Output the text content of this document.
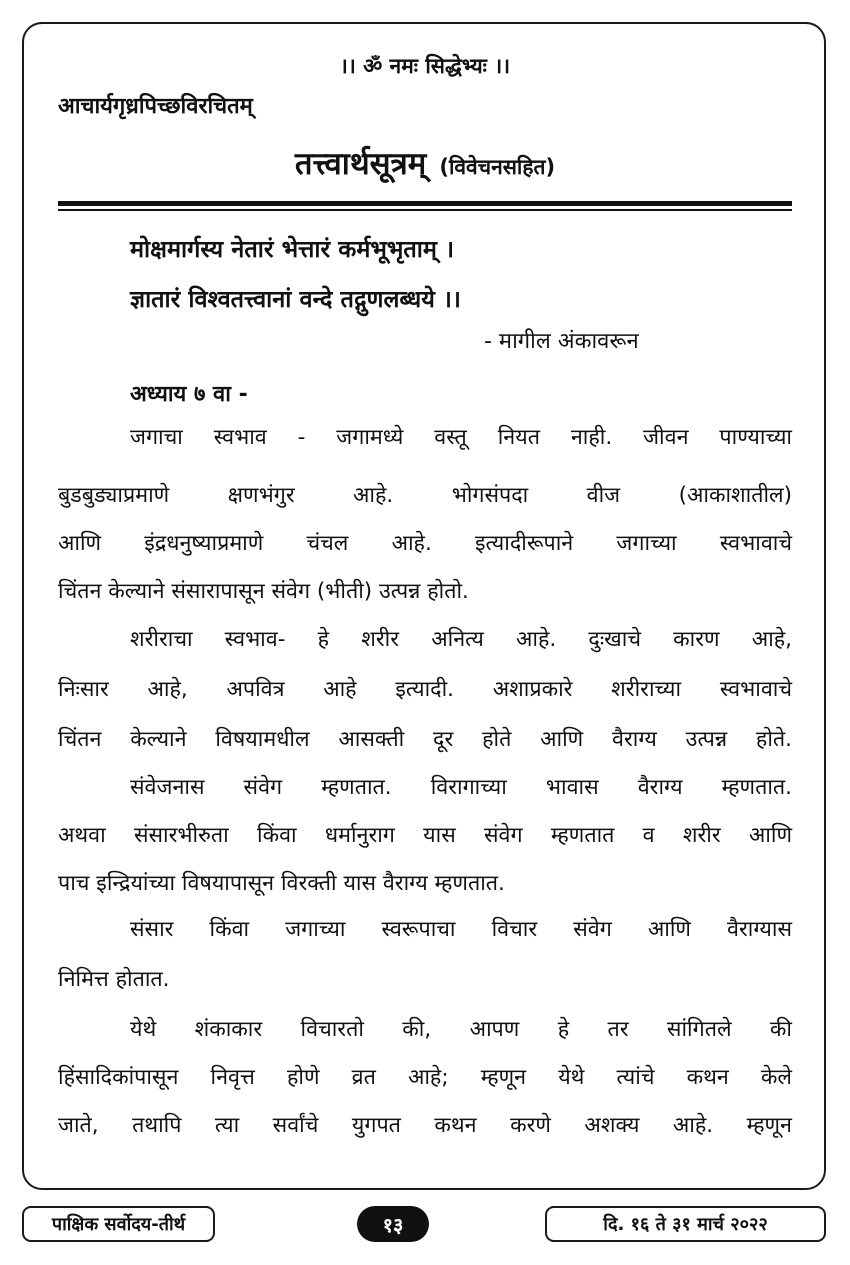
।। ॐ नमः सिद्धेभ्यः ।।
आचार्यगृध्रपिच्छविरचितम्
तत्त्वार्थसूत्रम् (विवेचनसहित)
मोक्षमार्गस्य नेतारं भेत्तारं कर्मभूभृताम् ।
ज्ञातारं विश्वतत्त्वानां वन्दे तद्गुणलब्धये ।।
- मागील अंकावरून
अध्याय ७ वा -
जगाचा स्वभाव - जगामध्ये वस्तू नियत नाही. जीवन पाण्याच्या
बुडबुड्याप्रमाणे क्षणभंगुर आहे. भोगसंपदा वीज (आकाशातील)
आणि इंद्रधनुष्याप्रमाणे चंचल आहे. इत्यादीरूपाने जगाच्या स्वभावाचे
चिंतन केल्याने संसारापासून संवेग (भीती) उत्पन्न होतो.
शरीराचा स्वभाव- हे शरीर अनित्य आहे. दुःखाचे कारण आहे,
निःसार आहे, अपवित्र आहे इत्यादी. अशाप्रकारे शरीराच्या स्वभावाचे
चिंतन केल्याने विषयामधील आसक्ती दूर होते आणि वैराग्य उत्पन्न होते.
संवेजनास संवेग म्हणतात. विरागाच्या भावास वैराग्य म्हणतात.
अथवा संसारभीरुता किंवा धर्मानुराग यास संवेग म्हणतात व शरीर आणि
पाच इन्द्रियांच्या विषयापासून विरक्ती यास वैराग्य म्हणतात.
संसार किंवा जगाच्या स्वरूपाचा विचार संवेग आणि वैराग्यास
निमित्त होतात.
येथे शंकाकार विचारतो की, आपण हे तर सांगितले की
हिंसादिकांपासून निवृत्त होणे व्रत आहे; म्हणून येथे त्यांचे कथन केले
जाते, तथापि त्या सर्वांचे युगपत कथन करणे अशक्य आहे. म्हणून
पाक्षिक सर्वोदय-तीर्थ	१३	दि. १६ ते ३१ मार्च २०२२
